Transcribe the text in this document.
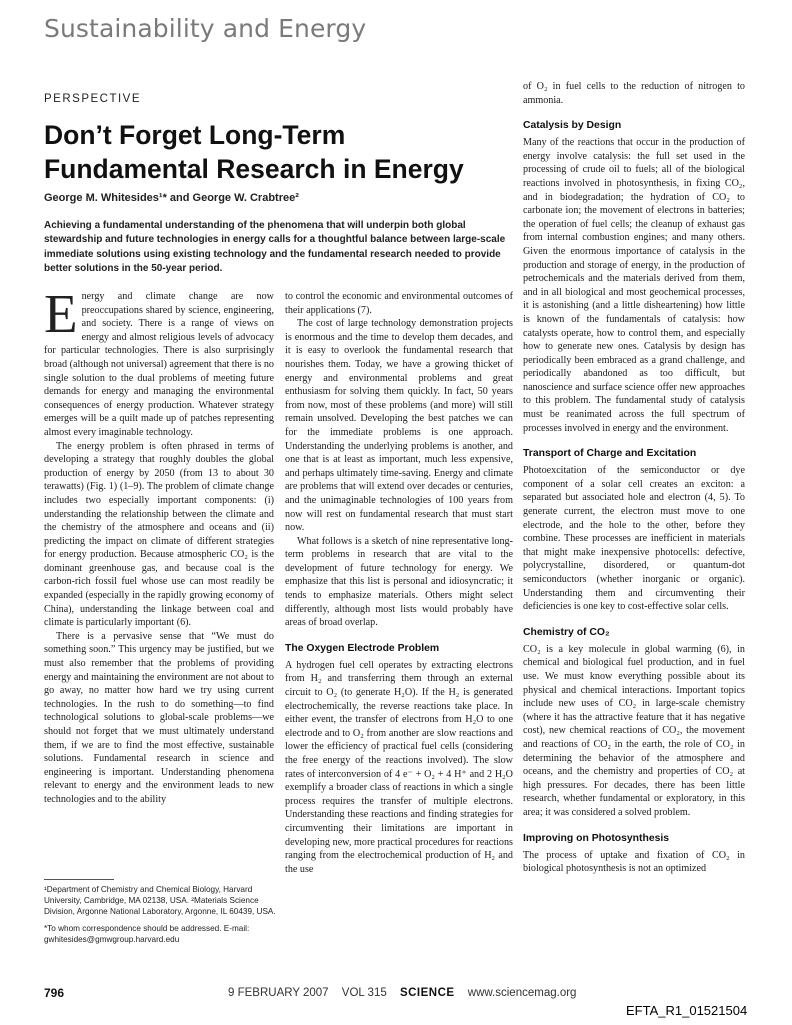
Sustainability and Energy
PERSPECTIVE
Don’t Forget Long-Term Fundamental Research in Energy
George M. Whitesides¹* and George W. Crabtree²

Achieving a fundamental understanding of the phenomena that will underpin both global stewardship and future technologies in energy calls for a thoughtful balance between large-scale immediate solutions using existing technology and the fundamental research needed to provide better solutions in the 50-year period.

Energy and climate change are now preoccupations shared by science, engineering, and society. There is a range of views on energy and almost religious levels of advocacy for particular technologies. There is also surprisingly broad (although not universal) agreement that there is no single solution to the dual problems of meeting future demands for energy and managing the environmental consequences of energy production. Whatever strategy emerges will be a quilt made up of patches representing almost every imaginable technology.

The energy problem is often phrased in terms of developing a strategy that roughly doubles the global production of energy by 2050 (from 13 to about 30 terawatts) (Fig. 1) (1–9). The problem of climate change includes two especially important components: (i) understanding the relationship between the climate and the chemistry of the atmosphere and oceans and (ii) predicting the impact on climate of different strategies for energy production. Because atmospheric CO₂ is the dominant greenhouse gas, and because coal is the carbon-rich fossil fuel whose use can most readily be expanded (especially in the rapidly growing economy of China), understanding the linkage between coal and climate is particularly important (6).

There is a pervasive sense that “We must do something soon.” This urgency may be justified, but we must also remember that the problems of providing energy and maintaining the environment are not about to go away, no matter how hard we try using current technologies. In the rush to do something—to find technological solutions to global-scale problems—we should not forget that we must ultimately understand them, if we are to find the most effective, sustainable solutions. Fundamental research in science and engineering is important. Understanding phenomena relevant to energy and the environment leads to new technologies and to the ability

to control the economic and environmental outcomes of their applications (7).

The cost of large technology demonstration projects is enormous and the time to develop them decades, and it is easy to overlook the fundamental research that nourishes them. Today, we have a growing thicket of energy and environmental problems and great enthusiasm for solving them quickly. In fact, 50 years from now, most of these problems (and more) will still remain unsolved. Developing the best patches we can for the immediate problems is one approach. Understanding the underlying problems is another, and one that is at least as important, much less expensive, and perhaps ultimately time-saving. Energy and climate are problems that will extend over decades or centuries, and the unimaginable technologies of 100 years from now will rest on fundamental research that must start now.

What follows is a sketch of nine representative long-term problems in research that are vital to the development of future technology for energy. We emphasize that this list is personal and idiosyncratic; it tends to emphasize materials. Others might select differently, although most lists would probably have areas of broad overlap.

The Oxygen Electrode Problem

A hydrogen fuel cell operates by extracting electrons from H₂ and transferring them through an external circuit to O₂ (to generate H₂O). If the H₂ is generated electrochemically, the reverse reactions take place. In either event, the transfer of electrons from H₂O to one electrode and to O₂ from another are slow reactions and lower the efficiency of practical fuel cells (considering the free energy of the reactions involved). The slow rates of interconversion of 4 e⁻ + O₂ + 4 H⁺ and 2 H₂O exemplify a broader class of reactions in which a single process requires the transfer of multiple electrons. Understanding these reactions and finding strategies for circumventing their limitations are important in developing new, more practical procedures for reactions ranging from the electrochemical production of H₂ and the use

of O₂ in fuel cells to the reduction of nitrogen to ammonia.

Catalysis by Design

Many of the reactions that occur in the production of energy involve catalysis: the full set used in the processing of crude oil to fuels; all of the biological reactions involved in photosynthesis, in fixing CO₂, and in biodegradation; the hydration of CO₂ to carbonate ion; the movement of electrons in batteries; the operation of fuel cells; the cleanup of exhaust gas from internal combustion engines; and many others. Given the enormous importance of catalysis in the production and storage of energy, in the production of petrochemicals and the materials derived from them, and in all biological and most geochemical processes, it is astonishing (and a little disheartening) how little is known of the fundamentals of catalysis: how catalysts operate, how to control them, and especially how to generate new ones. Catalysis by design has periodically been embraced as a grand challenge, and periodically abandoned as too difficult, but nanoscience and surface science offer new approaches to this problem. The fundamental study of catalysis must be reanimated across the full spectrum of processes involved in energy and the environment.

Transport of Charge and Excitation

Photoexcitation of the semiconductor or dye component of a solar cell creates an exciton: a separated but associated hole and electron (4, 5). To generate current, the electron must move to one electrode, and the hole to the other, before they combine. These processes are inefficient in materials that might make inexpensive photocells: defective, polycrystalline, disordered, or quantum-dot semiconductors (whether inorganic or organic). Understanding them and circumventing their deficiencies is one key to cost-effective solar cells.

Chemistry of CO₂

CO₂ is a key molecule in global warming (6), in chemical and biological fuel production, and in fuel use. We must know everything possible about its physical and chemical interactions. Important topics include new uses of CO₂ in large-scale chemistry (where it has the attractive feature that it has negative cost), new chemical reactions of CO₂, the movement and reactions of CO₂ in the earth, the role of CO₂ in determining the behavior of the atmosphere and oceans, and the chemistry and properties of CO₂ at high pressures. For decades, there has been little research, whether fundamental or exploratory, in this area; it was considered a solved problem.

Improving on Photosynthesis

The process of uptake and fixation of CO₂ in biological photosynthesis is not an optimized

¹Department of Chemistry and Chemical Biology, Harvard University, Cambridge, MA 02138, USA. ²Materials Science Division, Argonne National Laboratory, Argonne, IL 60439, USA.

*To whom correspondence should be addressed. E-mail: gwhitesides@gmwgroup.harvard.edu

796	9 FEBRUARY 2007 VOL 315 SCIENCE www.sciencemag.org
EFTA_R1_01521504
